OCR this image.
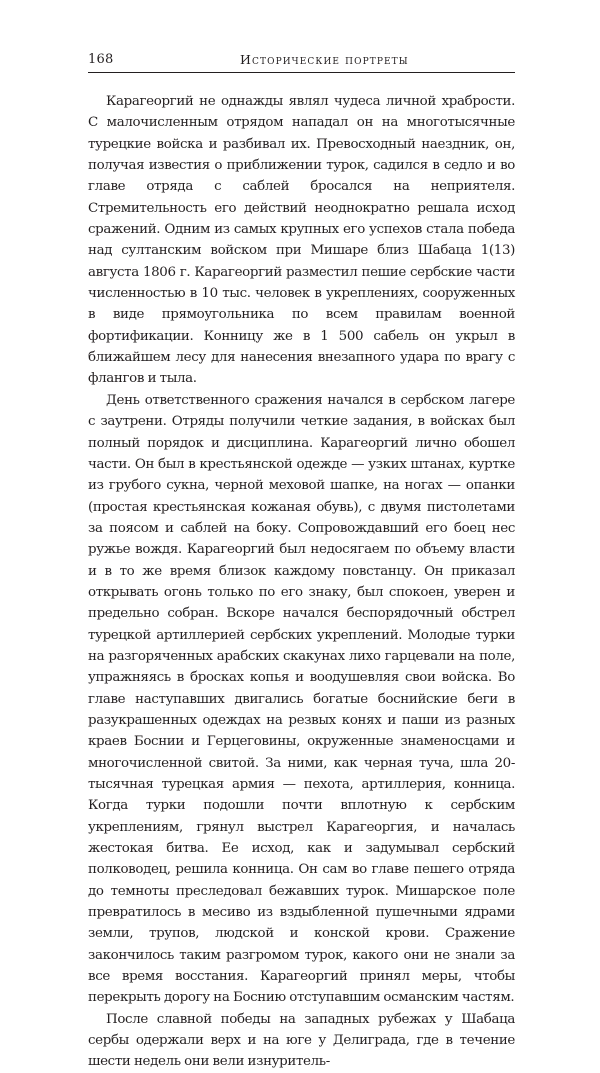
168	Исторические портреты

Карагеоргий не однажды являл чудеса личной храбрости. С малочисленным отрядом нападал он на многотысячные турецкие войска и разбивал их. Превосходный наездник, он, получая известия о приближении турок, садился в седло и во главе отряда с саблей бросался на неприятеля. Стремительность его действий неоднократно решала исход сражений. Одним из самых крупных его успехов стала победа над султанским войском при Мишаре близ Шабаца 1(13) августа 1806 г. Карагеоргий разместил пешие сербские части численностью в 10 тыс. человек в укреплениях, сооруженных в виде прямоугольника по всем правилам военной фортификации. Конницу же в 1 500 сабель он укрыл в ближайшем лесу для нанесения внезапного удара по врагу с флангов и тыла.

День ответственного сражения начался в сербском лагере с заутрени. Отряды получили четкие задания, в войсках был полный порядок и дисциплина. Карагеоргий лично обошел части. Он был в крестьянской одежде — узких штанах, куртке из грубого сукна, черной меховой шапке, на ногах — опанки (простая крестьянская кожаная обувь), с двумя пистолетами за поясом и саблей на боку. Сопровождавший его боец нес ружье вождя. Карагеоргий был недосягаем по объему власти и в то же время близок каждому повстанцу. Он приказал открывать огонь только по его знаку, был спокоен, уверен и предельно собран. Вскоре начался беспорядочный обстрел турецкой артиллерией сербских укреплений. Молодые турки на разгоряченных арабских скакунах лихо гарцевали на поле, упражняясь в бросках копья и воодушевляя свои войска. Во главе наступавших двигались богатые боснийские беги в разукрашенных одеждах на резвых конях и паши из разных краев Боснии и Герцеговины, окруженные знаменосцами и многочисленной свитой. За ними, как черная туча, шла 20-тысячная турецкая армия — пехота, артиллерия, конница. Когда турки подошли почти вплотную к сербским укреплениям, грянул выстрел Карагеоргия, и началась жестокая битва. Ее исход, как и задумывал сербский полководец, решила конница. Он сам во главе пешего отряда до темноты преследовал бежавших турок. Мишарское поле превратилось в месиво из вздыбленной пушечными ядрами земли, трупов, людской и конской крови. Сражение закончилось таким разгромом турок, какого они не знали за все время восстания. Карагеоргий принял меры, чтобы перекрыть дорогу на Боснию отступавшим османским частям.

После славной победы на западных рубежах у Шабаца сербы одержали верх и на юге у Делиграда, где в течение шести недель они вели изнуритель-
